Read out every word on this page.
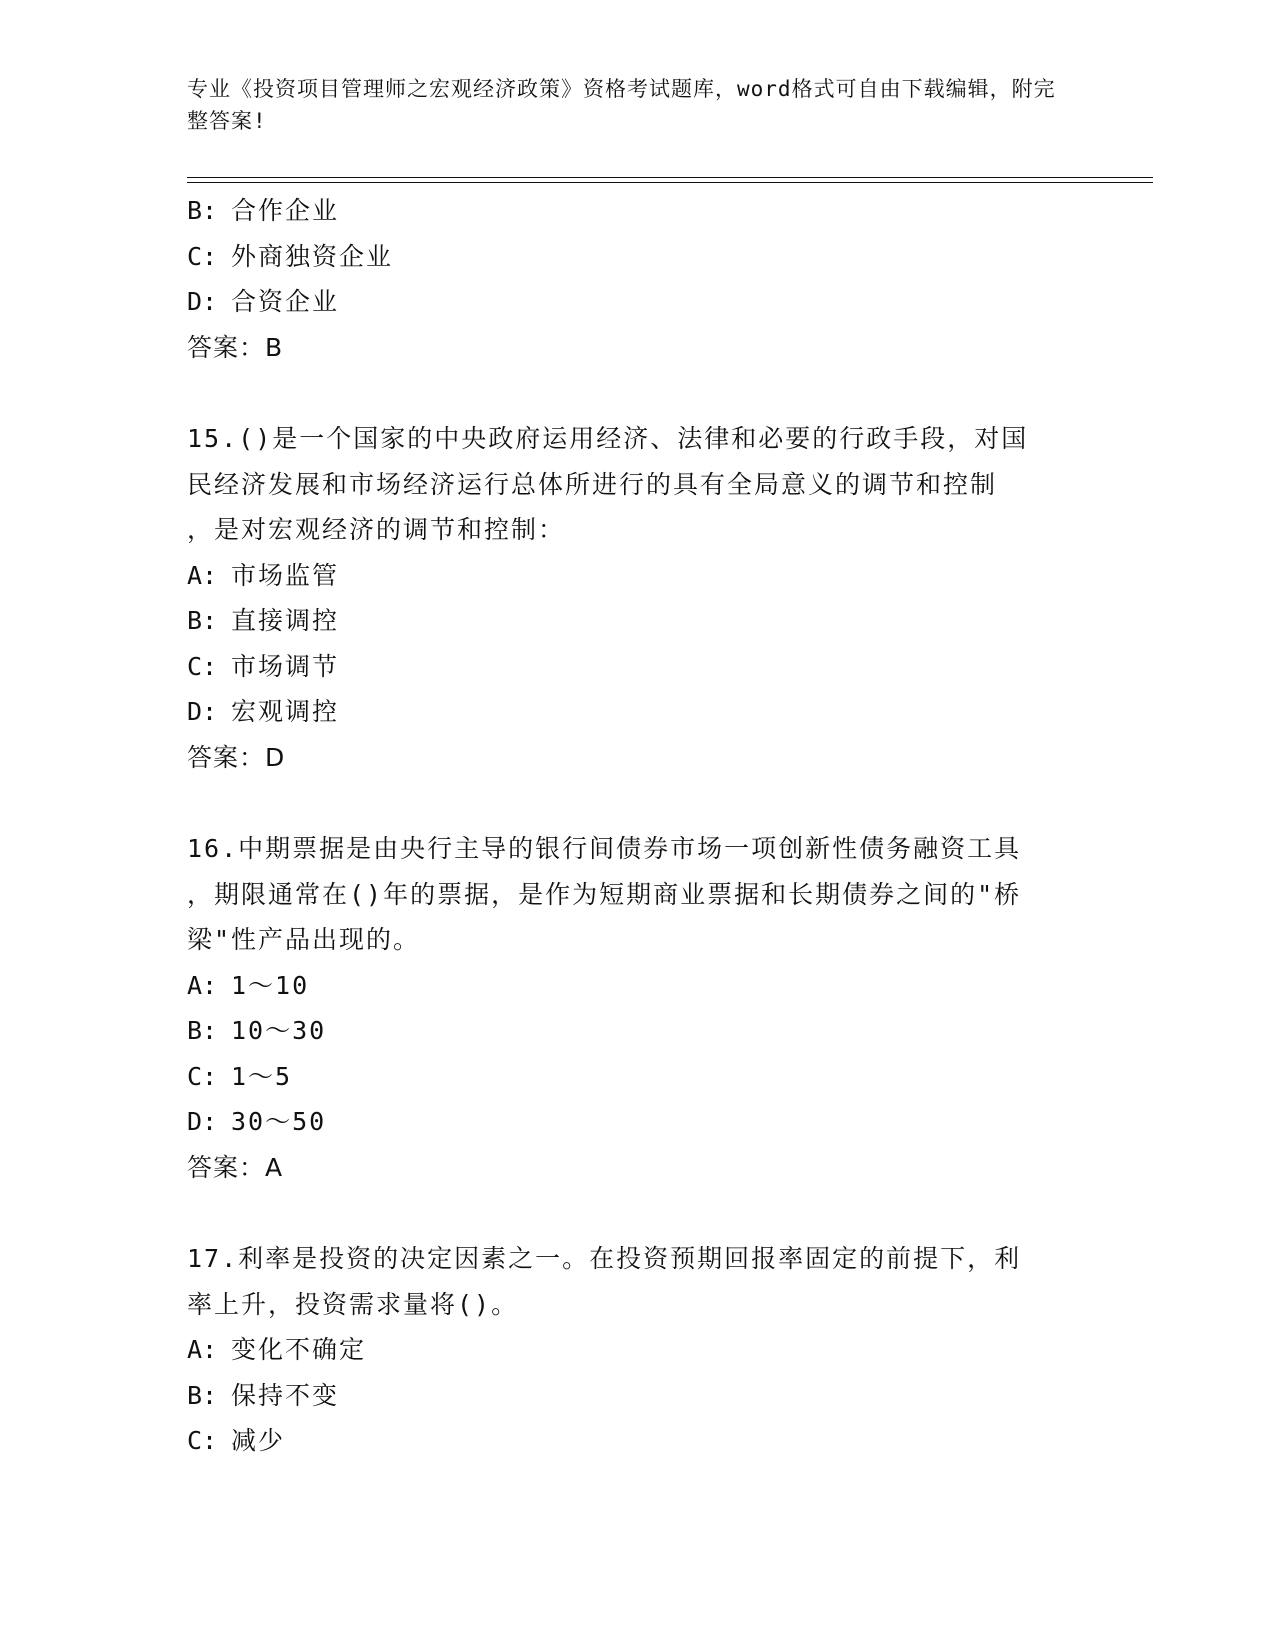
专业《投资项目管理师之宏观经济政策》资格考试题库，word格式可自由下载编辑，附完整答案!
B: 合作企业
C: 外商独资企业
D: 合资企业
答案：B
15.()是一个国家的中央政府运用经济、法律和必要的行政手段，对国
民经济发展和市场经济运行总体所进行的具有全局意义的调节和控制
，是对宏观经济的调节和控制：
A: 市场监管
B: 直接调控
C: 市场调节
D: 宏观调控
答案：D
16.中期票据是由央行主导的银行间债券市场一项创新性债务融资工具
，期限通常在()年的票据，是作为短期商业票据和长期债券之间的"桥
梁"性产品出现的。
A: 1～10
B: 10～30
C: 1～5
D: 30～50
答案：A
17.利率是投资的决定因素之一。在投资预期回报率固定的前提下，利
率上升，投资需求量将()。
A: 变化不确定
B: 保持不变
C: 减少
